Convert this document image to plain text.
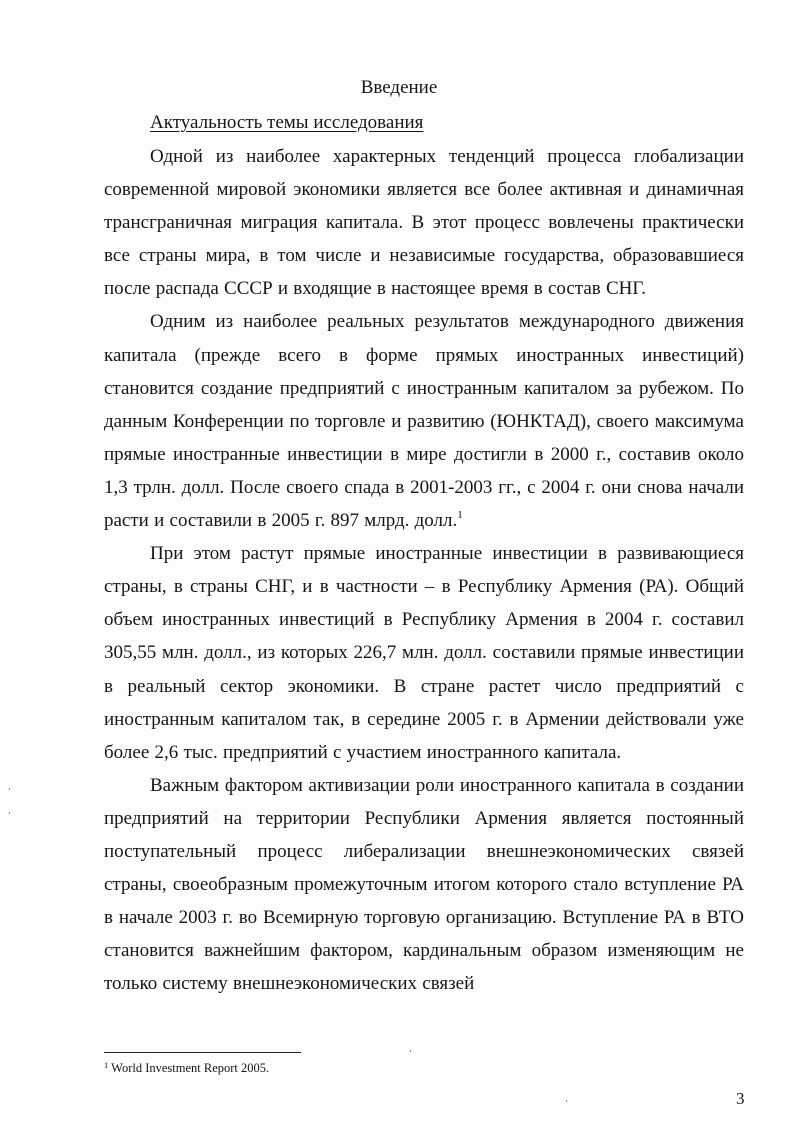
Введение
Актуальность темы исследования

Одной из наиболее характерных тенденций процесса глобализации современной мировой экономики является все более активная и динамичная трансграничная миграция капитала. В этот процесс вовлечены практически все страны мира, в том числе и независимые государства, образовавшиеся после распада СССР и входящие в настоящее время в состав СНГ.

Одним из наиболее реальных результатов международного движения капитала (прежде всего в форме прямых иностранных инвестиций) становится создание предприятий с иностранным капиталом за рубежом. По данным Конференции по торговле и развитию (ЮНКТАД), своего максимума прямые иностранные инвестиции в мире достигли в 2000 г., составив около 1,3 трлн. долл. После своего спада в 2001-2003 гг., с 2004 г. они снова начали расти и составили в 2005 г. 897 млрд. долл.$^1$

При этом растут прямые иностранные инвестиции в развивающиеся страны, в страны СНГ, и в частности – в Республику Армения (РА). Общий объем иностранных инвестиций в Республику Армения в 2004 г. составил 305,55 млн. долл., из которых 226,7 млн. долл. составили прямые инвестиции в реальный сектор экономики. В стране растет число предприятий с иностранным капиталом так, в середине 2005 г. в Армении действовали уже более 2,6 тыс. предприятий с участием иностранного капитала.

Важным фактором активизации роли иностранного капитала в создании предприятий на территории Республики Армения является постоянный поступательный процесс либерализации внешнеэкономических связей страны, своеобразным промежуточным итогом которого стало вступление РА в начале 2003 г. во Всемирную торговую организацию. Вступление РА в ВТО становится важнейшим фактором, кардинальным образом изменяющим не только систему внешнеэкономических связей

$^1$ World Investment Report 2005.
3
